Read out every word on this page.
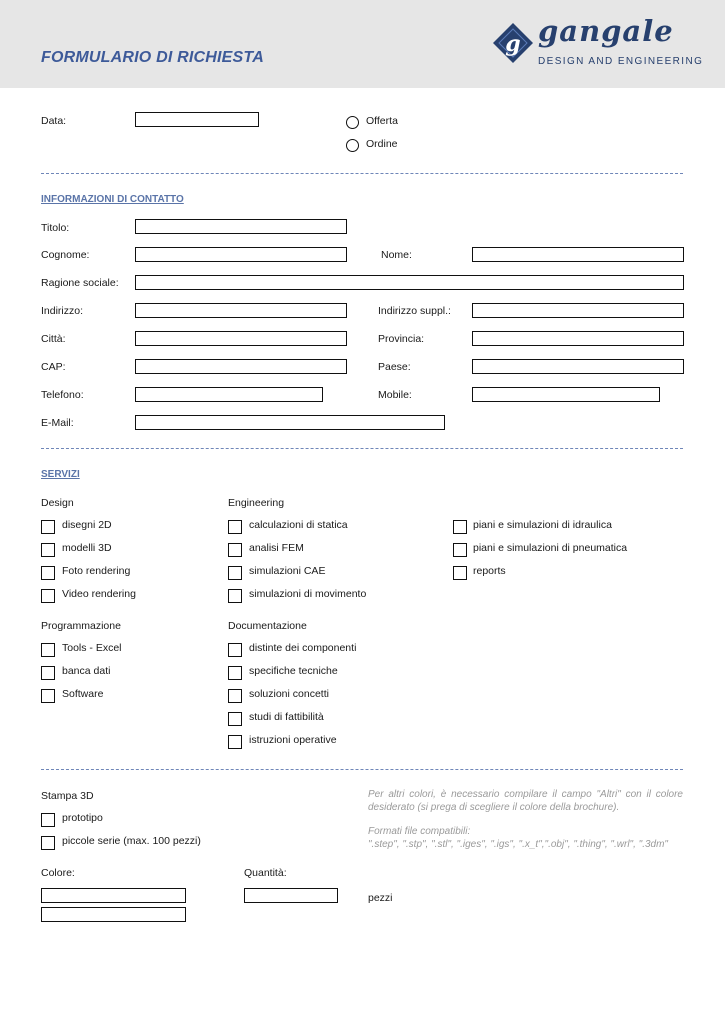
FORMULARIO DI RICHIESTA
g gangale
DESIGN AND ENGINEERING
Data:	Offerta
Ordine
INFORMAZIONI DI CONTATTO
Titolo:
Cognome:	Nome:
Ragione sociale:
Indirizzo:	Indirizzo suppl.:
Città:	Provincia:
CAP:	Paese:
Telefono:	Mobile:
E-Mail:
SERVIZI
Design
disegni 2D
modelli 3D
Foto rendering
Video rendering
Engineering
calculazioni di statica
analisi FEM
simulazioni CAE
simulazioni di movimento
piani e simulazioni di idraulica
piani e simulazioni di pneumatica
reports
Programmazione
Tools - Excel
banca dati
Software
Documentazione
distinte dei componenti
specifiche tecniche
soluzioni concetti
studi di fattibilità
istruzioni operative
Stampa 3D
prototipo
piccole serie (max. 100 pezzi)
Per altri colori, è necessario compilare il campo "Altri" con il colore desiderato (si prega di scegliere il colore della brochure).
Formati file compatibili:
".step", ".stp", ".stl", ".iges", ".igs", ".x_t",".obj", ".thing", ".wrl", ".3dm"
Colore:	Quantità:
pezzi
